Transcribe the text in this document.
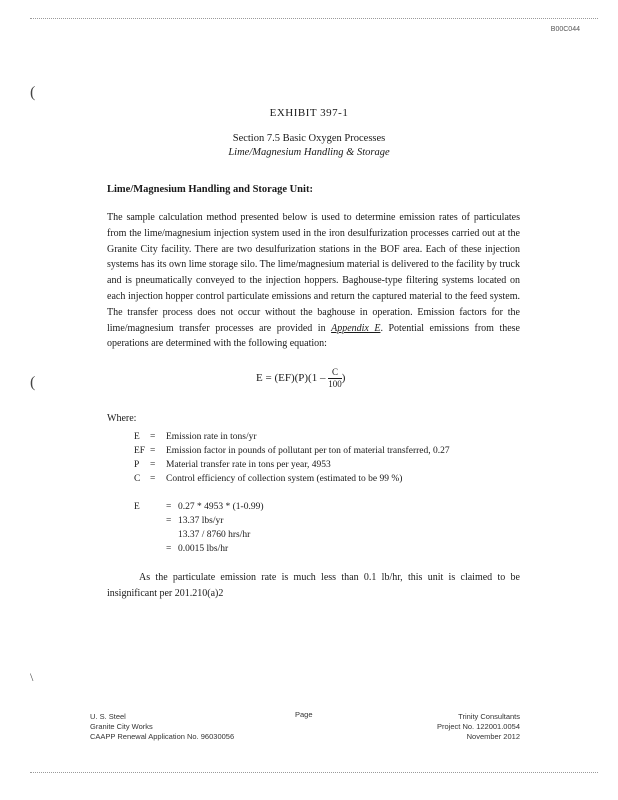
B00C044
(
(
\
EXHIBIT 397-1
Section 7.5 Basic Oxygen Processes
Lime/Magnesium Handling & Storage
Lime/Magnesium Handling and Storage Unit:
The sample calculation method presented below is used to determine emission rates of particulates from the lime/magnesium injection system used in the iron desulfurization processes carried out at the Granite City facility. There are two desulfurization stations in the BOF area. Each of these injection systems has its own lime storage silo. The lime/magnesium material is delivered to the facility by truck and is pneumatically conveyed to the injection hoppers. Baghouse-type filtering systems located on each injection hopper control particulate emissions and return the captured material to the feed system. The transfer process does not occur without the baghouse in operation. Emission factors for the lime/magnesium transfer processes are provided in Appendix E. Potential emissions from these operations are determined with the following equation:
$E = (EF)(P)(1 - \frac{C}{100}$ )
Where:
E = Emission rate in tons/yr
EF = Emission factor in pounds of pollutant per ton of material transferred, 0.27
P = Material transfer rate in tons per year, 4953
C = Control efficiency of collection system (estimated to be 99 %)
E	= 0.27 * 4953 * (1-0.99)
= 13.37 lbs/yr
13.37 / 8760 hrs/hr
= 0.0015 lbs/hr
As the particulate emission rate is much less than 0.1 lb/hr, this unit is claimed to be insignificant per 201.210(a)2
U. S. Steel
Granite City Works
CAAPP Renewal Application No. 96030056
Page	Trinity Consultants
Project No. 122001.0054
November 2012
